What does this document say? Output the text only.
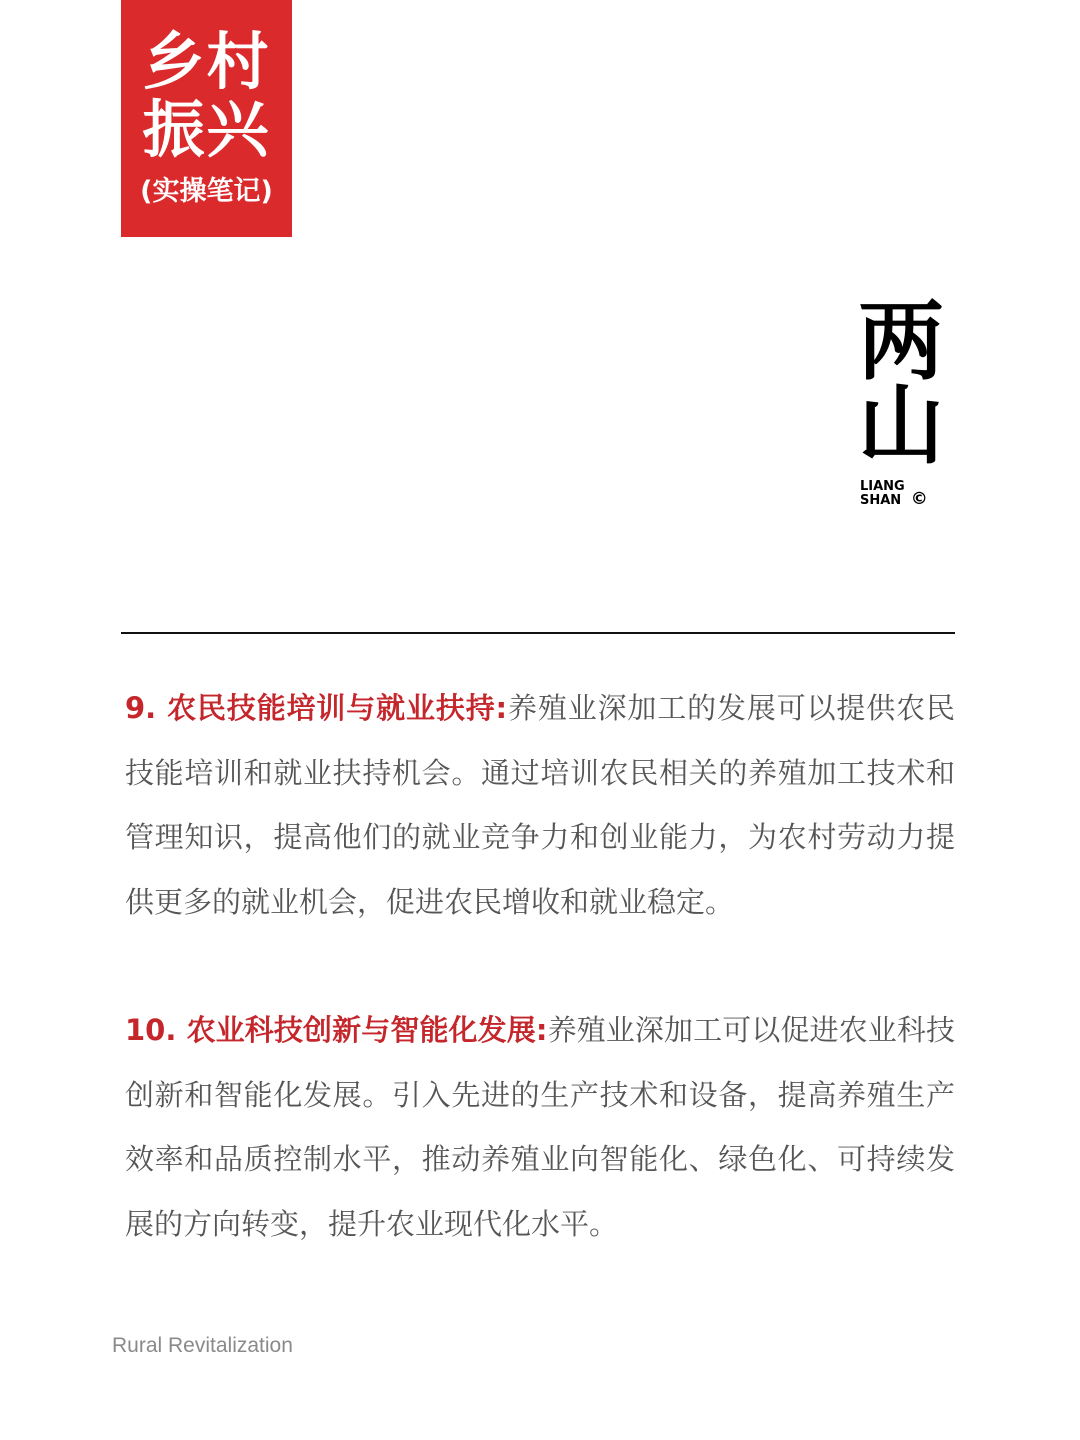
乡村
振兴
(实操笔记)
两
山
LIANG
SHAN ©

9. 农民技能培训与就业扶持:养殖业深加工的发展可以提供农民技能培训和就业扶持机会。通过培训农民相关的养殖加工技术和管理知识，提高他们的就业竞争力和创业能力，为农村劳动力提供更多的就业机会，促进农民增收和就业稳定。

10. 农业科技创新与智能化发展:养殖业深加工可以促进农业科技创新和智能化发展。引入先进的生产技术和设备，提高养殖生产效率和品质控制水平，推动养殖业向智能化、绿色化、可持续发展的方向转变，提升农业现代化水平。

Rural Revitalization
